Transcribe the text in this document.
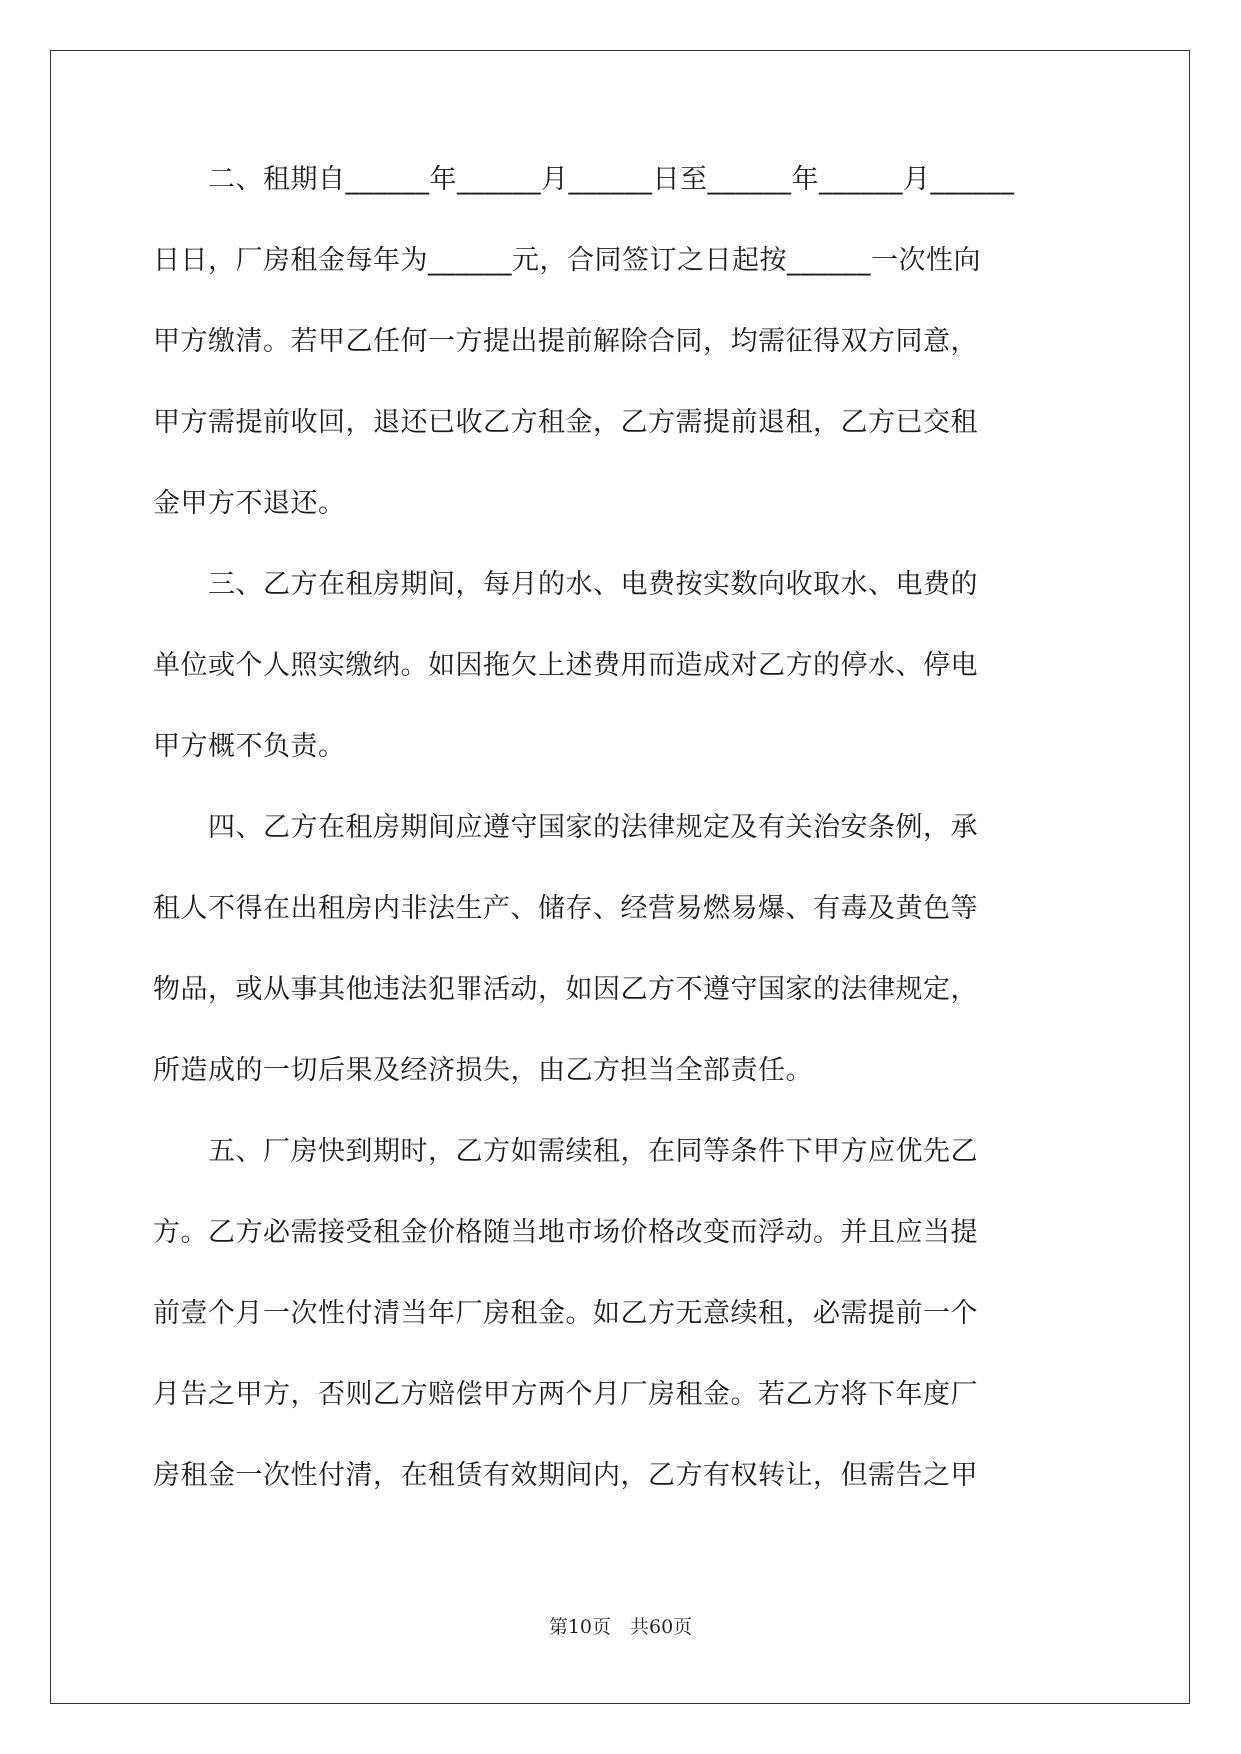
　　二、租期自______年______月______日至______年______月______
日日，厂房租金每年为______元，合同签订之日起按______一次性向
甲方缴清。若甲乙任何一方提出提前解除合同，均需征得双方同意，
甲方需提前收回，退还已收乙方租金，乙方需提前退租，乙方已交租
金甲方不退还。
　　三、乙方在租房期间，每月的水、电费按实数向收取水、电费的
单位或个人照实缴纳。如因拖欠上述费用而造成对乙方的停水、停电
甲方概不负责。
　　四、乙方在租房期间应遵守国家的法律规定及有关治安条例，承
租人不得在出租房内非法生产、储存、经营易燃易爆、有毒及黄色等
物品，或从事其他违法犯罪活动，如因乙方不遵守国家的法律规定，
所造成的一切后果及经济损失，由乙方担当全部责任。
　　五、厂房快到期时，乙方如需续租，在同等条件下甲方应优先乙
方。乙方必需接受租金价格随当地市场价格改变而浮动。并且应当提
前壹个月一次性付清当年厂房租金。如乙方无意续租，必需提前一个
月告之甲方，否则乙方赔偿甲方两个月厂房租金。若乙方将下年度厂
房租金一次性付清，在租赁有效期间内，乙方有权转让，但需告之甲
第10页　共60页
